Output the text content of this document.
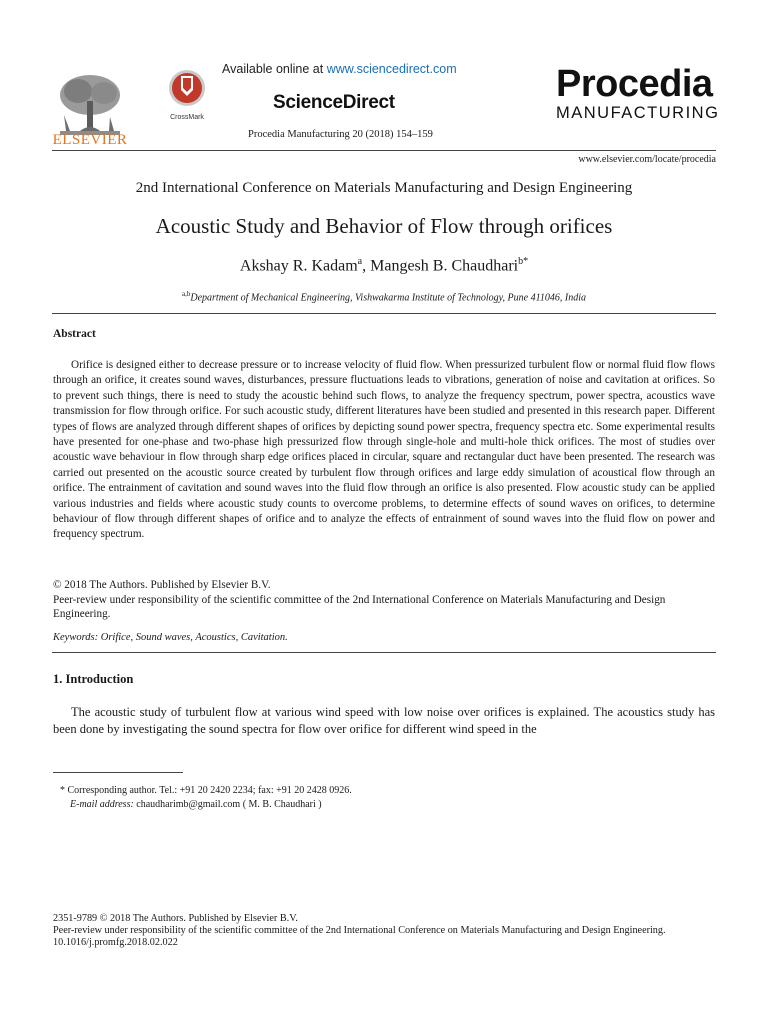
ELSEVIER
CrossMark
Available online at www.sciencedirect.com
ScienceDirect
Procedia Manufacturing 20 (2018) 154–159
Procedia
MANUFACTURING
www.elsevier.com/locate/procedia
2nd International Conference on Materials Manufacturing and Design Engineering
Acoustic Study and Behavior of Flow through orifices
Akshay R. Kadam$^a$, Mangesh B. Chaudhari$^{b*}$
$^{a,b}$Department of Mechanical Engineering, Vishwakarma Institute of Technology, Pune 411046, India
Abstract

Orifice is designed either to decrease pressure or to increase velocity of fluid flow. When pressurized turbulent flow or normal fluid flow flows through an orifice, it creates sound waves, disturbances, pressure fluctuations leads to vibrations, generation of noise and cavitation at orifices. So to prevent such things, there is need to study the acoustic behind such flows, to analyze the frequency spectrum, power spectra, acoustics wave transmission for flow through orifice. For such acoustic study, different literatures have been studied and presented in this research paper. Different types of flows are analyzed through different shapes of orifices by depicting sound power spectra, frequency spectra etc. Some experimental results have presented for one-phase and two-phase high pressurized flow through single-hole and multi-hole thick orifices. The most of studies over acoustic wave behaviour in flow through sharp edge orifices placed in circular, square and rectangular duct have been presented. The research was carried out presented on the acoustic source created by turbulent flow through orifices and large eddy simulation of acoustical flow through an orifice. The entrainment of cavitation and sound waves into the fluid flow through an orifice is also presented. Flow acoustic study can be applied various industries and fields where acoustic study counts to overcome problems, to determine effects of sound waves on orifices, to determine behaviour of flow through different shapes of orifice and to analyze the effects of entrainment of sound waves into the fluid flow on power and frequency spectrum.

© 2018 The Authors. Published by Elsevier B.V.
Peer-review under responsibility of the scientific committee of the 2nd International Conference on Materials Manufacturing and Design Engineering.
Keywords: Orifice, Sound waves, Acoustics, Cavitation.
1. Introduction

The acoustic study of turbulent flow at various wind speed with low noise over orifices is explained. The acoustics study has been done by investigating the sound spectra for flow over orifice for different wind speed in the

* Corresponding author. Tel.: +91 20 2420 2234; fax: +91 20 2428 0926.
E-mail address: chaudharimb@gmail.com ( M. B. Chaudhari )
2351-9789 © 2018 The Authors. Published by Elsevier B.V.
Peer-review under responsibility of the scientific committee of the 2nd International Conference on Materials Manufacturing and Design Engineering.
10.1016/j.promfg.2018.02.022
